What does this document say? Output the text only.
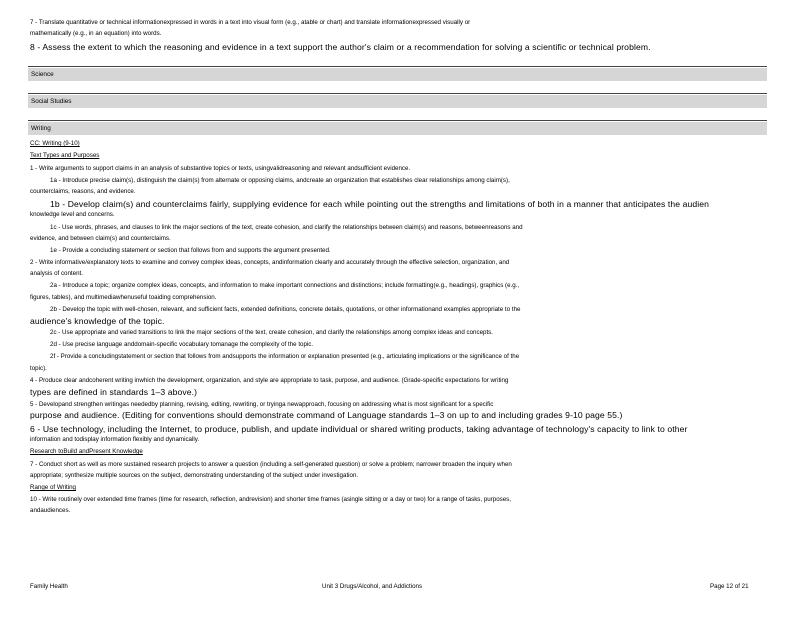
7 - Translate quantitative or technical informationexpressed in words in a text into visual form (e.g., atable or chart) and translate informationexpressed visually or
mathematically (e.g., in an equation) into words.
8 - Assess the extent to which the reasoning and evidence in a text support the author's claim or a recommendation for solving a scientific or technical problem.
Science
Social Studies
Writing
CC: Writing (9-10)
Text Types and Purposes
1 - Write arguments to support claims in an analysis of substantive topics or texts, usingvalidreasoning and relevant andsufficient evidence.
1a - Introduce precise claim(s), distinguish the claim(s) from alternate or opposing claims, andcreate an organization that establishes clear relationships among claim(s),
counterclaims, reasons, and evidence.
1b - Develop claim(s) and counterclaims fairly, supplying evidence for each while pointing out the strengths and limitations of both in a manner that anticipates the audien
knowledge level and concerns.
1c - Use words, phrases, and clauses to link the major sections of the text, create cohesion, and clarify the relationships between claim(s) and reasons, betweenreasons and
evidence, and between claim(s) and counterclaims.
1e - Provide a concluding statement or section that follows from and supports the argument presented.
2 - Write informative/explanatory texts to examine and convey complex ideas, concepts, andinformation clearly and accurately through the effective selection, organization, and
analysis of content.
2a - Introduce a topic; organize complex ideas, concepts, and information to make important connections and distinctions; include formatting(e.g., headings), graphics (e.g.,
figures, tables), and multimediawhenuseful toaiding comprehension.
2b - Develop the topic with well-chosen, relevant, and sufficient facts, extended definitions, concrete details, quotations, or other informationand examples appropriate to the
audience's knowledge of the topic.
2c - Use appropriate and varied transitions to link the major sections of the text, create cohesion, and clarify the relationships among complex ideas and concepts.
2d - Use precise language anddomain-specific vocabulary tomanage the complexity of the topic.
2f - Provide a concludingstatement or section that follows from andsupports the information or explanation presented (e.g., articulating implications or the significance of the
topic).
4 - Produce clear andcoherent writing inwhich the development, organization, and style are appropriate to task, purpose, and audience. (Grade-specific expectations for writing
types are defined in standards 1–3 above.)
5 - Developand strengthen writingas neededby planning, revising, editing, rewriting, or tryinga newapproach, focusing on addressing what is most significant for a specific
purpose and audience. (Editing for conventions should demonstrate command of Language standards 1–3 on up to and including grades 9-10 page 55.)
6 - Use technology, including the Internet, to produce, publish, and update individual or shared writing products, taking advantage of technology's capacity to link to other
information and todisplay information flexibly and dynamically.
Research toBuild andPresent Knowledge
7 - Conduct short as well as more sustained research projects to answer a question (including a self-generated question) or solve a problem; narrower broaden the inquiry when
appropriate; synthesize multiple sources on the subject, demonstrating understanding of the subject under investigation.
Range of Writing
10 - Write routinely over extended time frames (time for research, reflection, andrevision) and shorter time frames (asingle sitting or a day or two) for a range of tasks, purposes,
andaudiences.
Family Health	Unit 3 Drugs/Alcohol, and Addictions	Page 12 of 21
